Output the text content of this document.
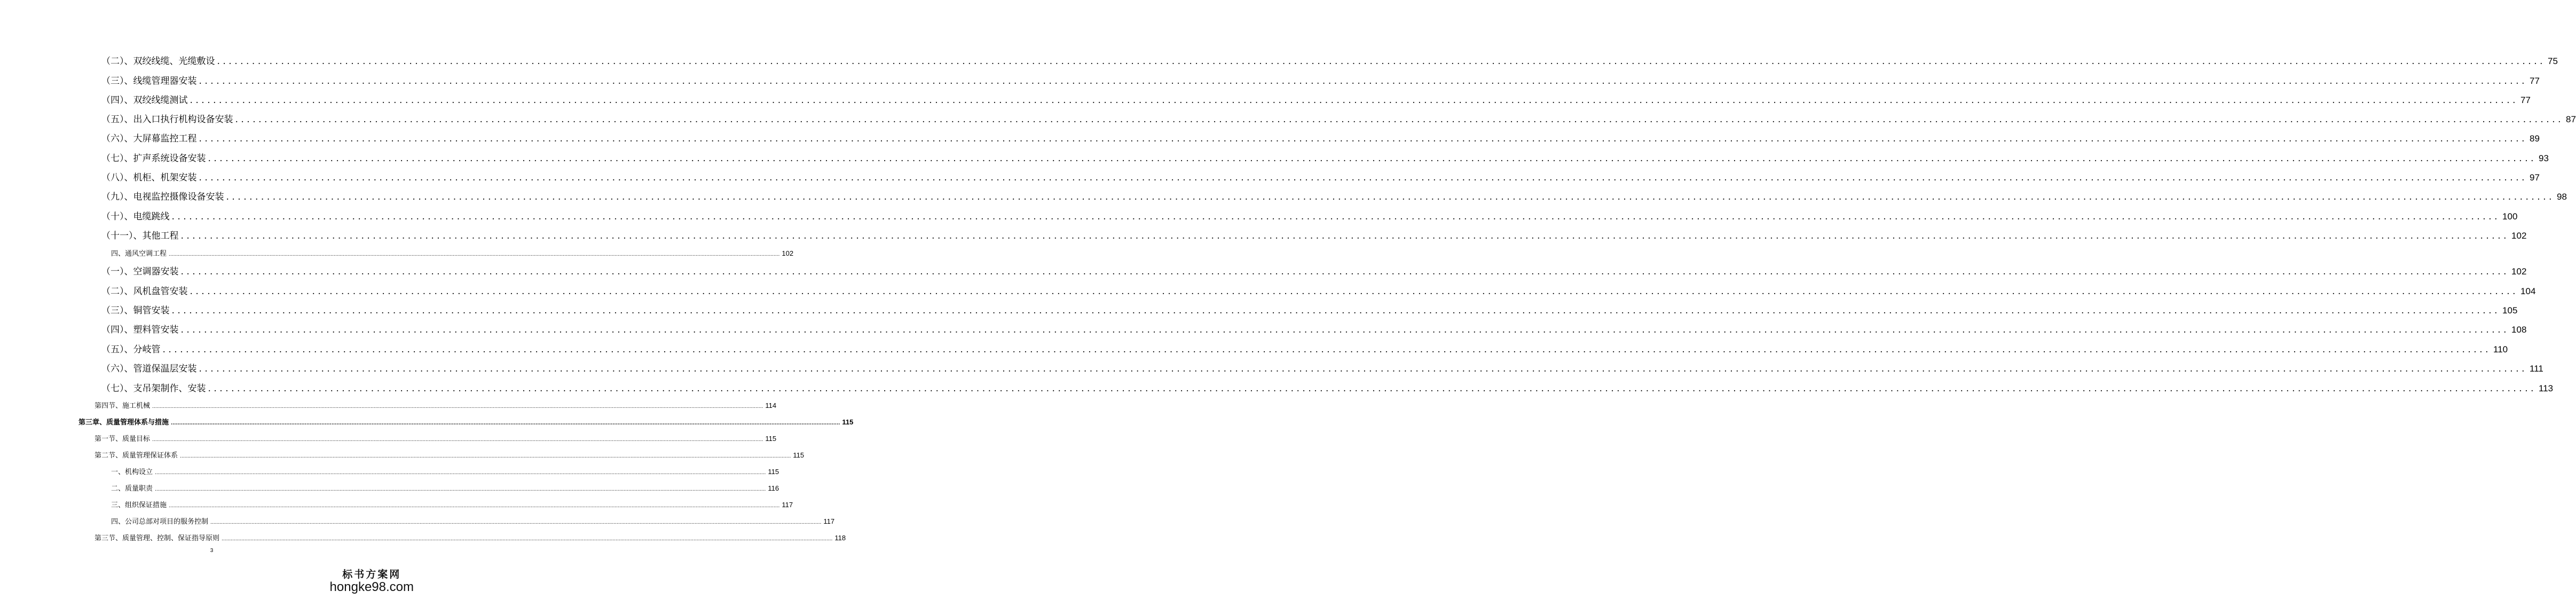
（二）、双绞线缆、光缆敷设 ................................................................................................................................................................................................................................................................................................................................................................................................................ 75
（三）、线缆管理器安装 ................................................................................................................................................................................................................................................................................................................................................................................................................ 77
（四）、双绞线缆测试 ................................................................................................................................................................................................................................................................................................................................................................................................................ 77
（五）、出入口执行机构设备安装 ................................................................................................................................................................................................................................................................................................................................................................................................................ 87
（六）、大屏幕监控工程 ................................................................................................................................................................................................................................................................................................................................................................................................................ 89
（七）、扩声系统设备安装 ................................................................................................................................................................................................................................................................................................................................................................................................................ 93
（八）、机柜、机架安装 ................................................................................................................................................................................................................................................................................................................................................................................................................ 97
（九）、电视监控摄像设备安装 ................................................................................................................................................................................................................................................................................................................................................................................................................ 98
（十）、电缆跳线 ................................................................................................................................................................................................................................................................................................................................................................................................................ 100
（十一）、其他工程 ................................................................................................................................................................................................................................................................................................................................................................................................................ 102
四、通风空调工程 ................................................................................................................................................................................................................................................................................................................................................................................................................ 102
（一）、空调器安装 ................................................................................................................................................................................................................................................................................................................................................................................................................ 102
（二）、风机盘管安装 ................................................................................................................................................................................................................................................................................................................................................................................................................ 104
（三）、铜管安装 ................................................................................................................................................................................................................................................................................................................................................................................................................ 105
（四）、塑料管安装 ................................................................................................................................................................................................................................................................................................................................................................................................................ 108
（五）、分岐管 ................................................................................................................................................................................................................................................................................................................................................................................................................ 110
（六）、管道保温层安装 ................................................................................................................................................................................................................................................................................................................................................................................................................ 111
（七）、支吊架制作、安装 ................................................................................................................................................................................................................................................................................................................................................................................................................ 113
第四节、施工机械 ................................................................................................................................................................................................................................................................................................................................................................................................................ 114
第三章、质量管理体系与措施 ................................................................................................................................................................................................................................................................................................................................................................................................................ 115
第一节、质量目标 ................................................................................................................................................................................................................................................................................................................................................................................................................ 115
第二节、质量管理保证体系 ................................................................................................................................................................................................................................................................................................................................................................................................................ 115
一、机构设立 ................................................................................................................................................................................................................................................................................................................................................................................................................ 115
二、质量职责 ................................................................................................................................................................................................................................................................................................................................................................................................................ 116
三、组织保证措施 ................................................................................................................................................................................................................................................................................................................................................................................................................ 117
四、公司总部对项目的服务控制 ................................................................................................................................................................................................................................................................................................................................................................................................................ 117
第三节、质量管理、控制、保证指导原则 ................................................................................................................................................................................................................................................................................................................................................................................................................ 118
3
标书方案网
hongke98.com
